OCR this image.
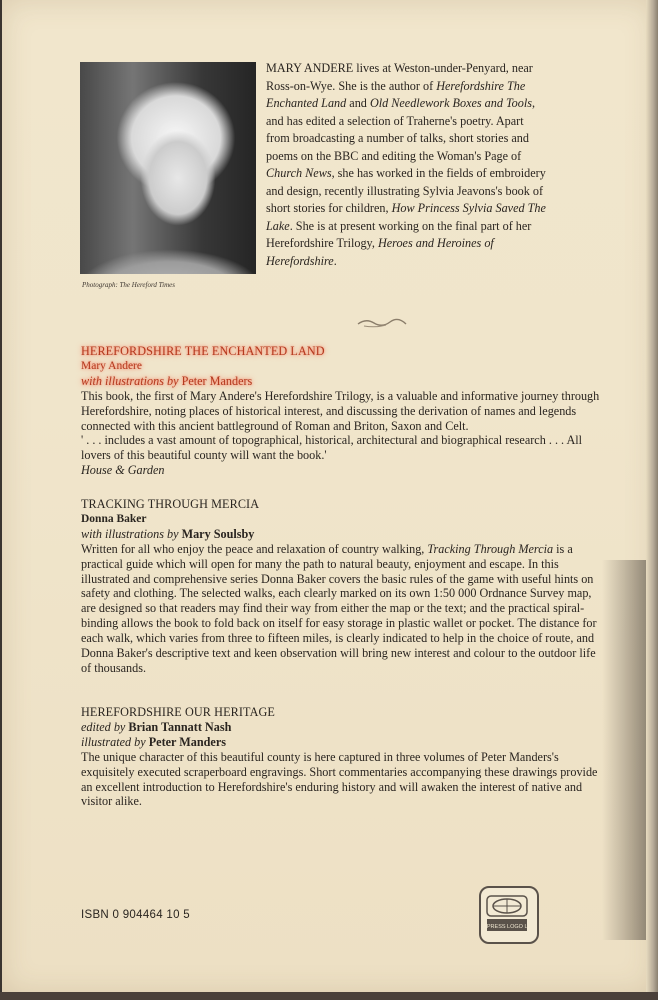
Photograph: The Hereford Times
MARY ANDERE lives at Weston-under-Penyard, near Ross-on-Wye. She is the author of Herefordshire The Enchanted Land and Old Needlework Boxes and Tools, and has edited a selection of Traherne's poetry. Apart from broadcasting a number of talks, short stories and poems on the BBC and editing the Woman's Page of Church News, she has worked in the fields of embroidery and design, recently illustrating Sylvia Jeavons's book of short stories for children, How Princess Sylvia Saved The Lake. She is at present working on the final part of her Herefordshire Trilogy, Heroes and Heroines of Herefordshire.

HEREFORDSHIRE THE ENCHANTED LAND

Mary Andere

with illustrations by Peter Manders

This book, the first of Mary Andere's Herefordshire Trilogy, is a valuable and informative journey through Herefordshire, noting places of historical interest, and discussing the derivation of names and legends connected with this ancient battleground of Roman and Briton, Saxon and Celt.

' . . . includes a vast amount of topographical, historical, architectural and biographical research . . . All lovers of this beautiful county will want the book.'

House & Garden

TRACKING THROUGH MERCIA

Donna Baker

with illustrations by Mary Soulsby

Written for all who enjoy the peace and relaxation of country walking, Tracking Through Mercia is a practical guide which will open for many the path to natural beauty, enjoyment and escape. In this illustrated and comprehensive series Donna Baker covers the basic rules of the game with useful hints on safety and clothing. The selected walks, each clearly marked on its own 1:50 000 Ordnance Survey map, are designed so that readers may find their way from either the map or the text; and the practical spiral-binding allows the book to fold back on itself for easy storage in plastic wallet or pocket. The distance for each walk, which varies from three to fifteen miles, is clearly indicated to help in the choice of route, and Donna Baker's descriptive text and keen observation will bring new interest and colour to the outdoor life of thousands.

HEREFORDSHIRE OUR HERITAGE

edited by Brian Tannatt Nash

illustrated by Peter Manders

The unique character of this beautiful county is here captured in three volumes of Peter Manders's exquisitely executed scraperboard engravings. Short commentaries accompanying these drawings provide an excellent introduction to Herefordshire's enduring history and will awaken the interest of native and visitor alike.

ISBN 0 904464 10 5
EXPRESS LOGO LTD
